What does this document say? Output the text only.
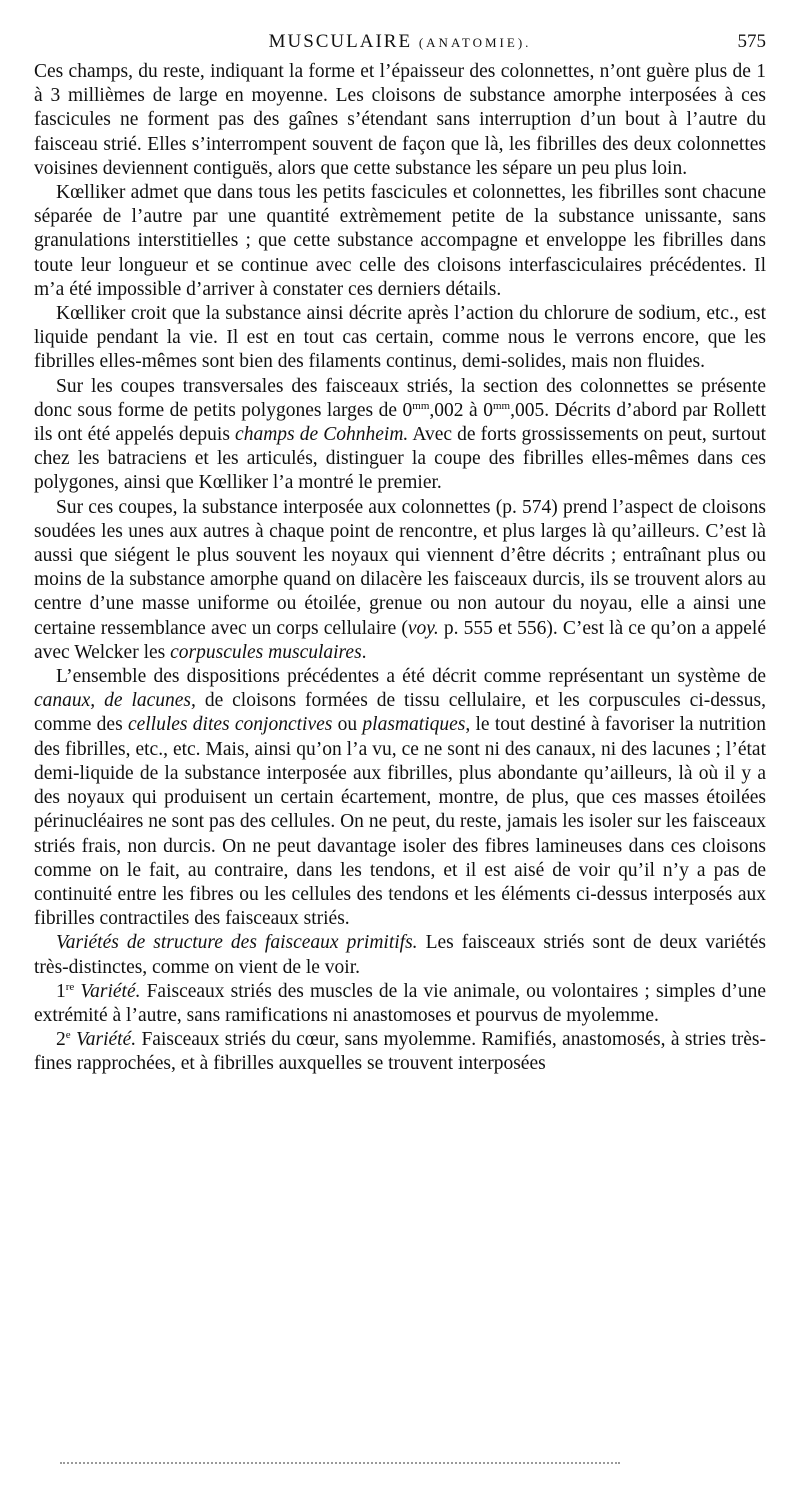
MUSCULAIRE (ANATOMIE).	575

Ces champs, du reste, indiquant la forme et l’épaisseur des colonnettes, n’ont guère plus de 1 à 3 millièmes de large en moyenne. Les cloisons de substance amorphe interposées à ces fascicules ne forment pas des gaînes s’étendant sans interruption d’un bout à l’autre du faisceau strié. Elles s’interrompent souvent de façon que là, les fibrilles des deux colonnettes voisines deviennent contiguës, alors que cette substance les sépare un peu plus loin.

Kœlliker admet que dans tous les petits fascicules et colonnettes, les fibrilles sont chacune séparée de l’autre par une quantité extrèmement petite de la substance unissante, sans granulations interstitielles ; que cette substance accompagne et enveloppe les fibrilles dans toute leur longueur et se continue avec celle des cloisons interfasciculaires précédentes. Il m’a été impossible d’arriver à constater ces derniers détails.

Kœlliker croit que la substance ainsi décrite après l’action du chlorure de sodium, etc., est liquide pendant la vie. Il est en tout cas certain, comme nous le verrons encore, que les fibrilles elles-mêmes sont bien des filaments continus, demi-solides, mais non fluides.

Sur les coupes transversales des faisceaux striés, la section des colonnettes se présente donc sous forme de petits polygones larges de $0^{mm},002$ à $0^{mm},005$. Décrits d’abord par Rollett ils ont été appelés depuis champs de Cohnheim. Avec de forts grossissements on peut, surtout chez les batraciens et les articulés, distinguer la coupe des fibrilles elles-mêmes dans ces polygones, ainsi que Kœlliker l’a montré le premier.

Sur ces coupes, la substance interposée aux colonnettes (p. 574) prend l’aspect de cloisons soudées les unes aux autres à chaque point de rencontre, et plus larges là qu’ailleurs. C’est là aussi que siégent le plus souvent les noyaux qui viennent d’être décrits ; entraînant plus ou moins de la substance amorphe quand on dilacère les faisceaux durcis, ils se trouvent alors au centre d’une masse uniforme ou étoilée, grenue ou non autour du noyau, elle a ainsi une certaine ressemblance avec un corps cellulaire (voy. p. 555 et 556). C’est là ce qu’on a appelé avec Welcker les corpuscules musculaires.

L’ensemble des dispositions précédentes a été décrit comme représentant un système de canaux, de lacunes, de cloisons formées de tissu cellulaire, et les corpuscules ci-dessus, comme des cellules dites conjonctives ou plasmatiques, le tout destiné à favoriser la nutrition des fibrilles, etc., etc. Mais, ainsi qu’on l’a vu, ce ne sont ni des canaux, ni des lacunes ; l’état demi-liquide de la substance interposée aux fibrilles, plus abondante qu’ailleurs, là où il y a des noyaux qui produisent un certain écartement, montre, de plus, que ces masses étoilées périnucléaires ne sont pas des cellules. On ne peut, du reste, jamais les isoler sur les faisceaux striés frais, non durcis. On ne peut davantage isoler des fibres lamineuses dans ces cloisons comme on le fait, au contraire, dans les tendons, et il est aisé de voir qu’il n’y a pas de continuité entre les fibres ou les cellules des tendons et les éléments ci-dessus interposés aux fibrilles contractiles des faisceaux striés.

Variétés de structure des faisceaux primitifs. Les faisceaux striés sont de deux variétés très-distinctes, comme on vient de le voir.

1re Variété. Faisceaux striés des muscles de la vie animale, ou volontaires ; simples d’une extrémité à l’autre, sans ramifications ni anastomoses et pourvus de myolemme.

2e Variété. Faisceaux striés du cœur, sans myolemme. Ramifiés, anastomosés, à stries très-fines rapprochées, et à fibrilles auxquelles se trouvent interposées
